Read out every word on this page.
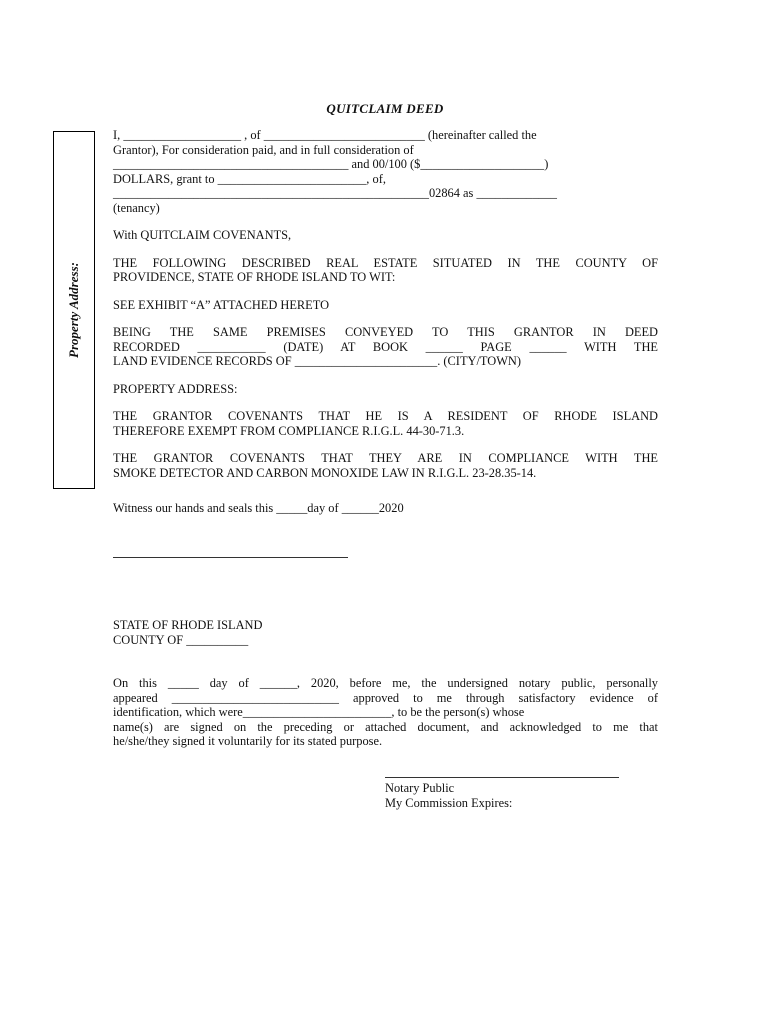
QUITCLAIM DEED
Property Address:

I, ___________________ , of __________________________ (hereinafter called the
Grantor), For consideration paid, and in full consideration of
______________________________________ and 00/100 ($____________________)
DOLLARS, grant to ________________________, of,
___________________________________________________02864 as _____________
(tenancy)

With QUITCLAIM COVENANTS,

THE FOLLOWING DESCRIBED REAL ESTATE SITUATED IN THE COUNTY OF
PROVIDENCE, STATE OF RHODE ISLAND TO WIT:

SEE EXHIBIT “A” ATTACHED HERETO

BEING THE SAME PREMISES CONVEYED TO THIS GRANTOR IN DEED
RECORDED ___________ (DATE) AT BOOK ______ PAGE ______ WITH THE
LAND EVIDENCE RECORDS OF _______________________. (CITY/TOWN)

PROPERTY ADDRESS:

THE GRANTOR COVENANTS THAT HE IS A RESIDENT OF RHODE ISLAND
THEREFORE EXEMPT FROM COMPLIANCE R.I.G.L. 44-30-71.3.

THE GRANTOR COVENANTS THAT THEY ARE IN COMPLIANCE WITH THE
SMOKE DETECTOR AND CARBON MONOXIDE LAW IN R.I.G.L. 23-28.35-14.

Witness our hands and seals this _____day of ______2020

STATE OF RHODE ISLAND
COUNTY OF __________
On this _____ day of ______, 2020, before me, the undersigned notary public, personally
appeared ___________________________ approved to me through satisfactory evidence of
identification, which were________________________, to be the person(s) whose
name(s) are signed on the preceding or attached document, and acknowledged to me that
he/she/they signed it voluntarily for its stated purpose.
Notary Public
My Commission Expires:
